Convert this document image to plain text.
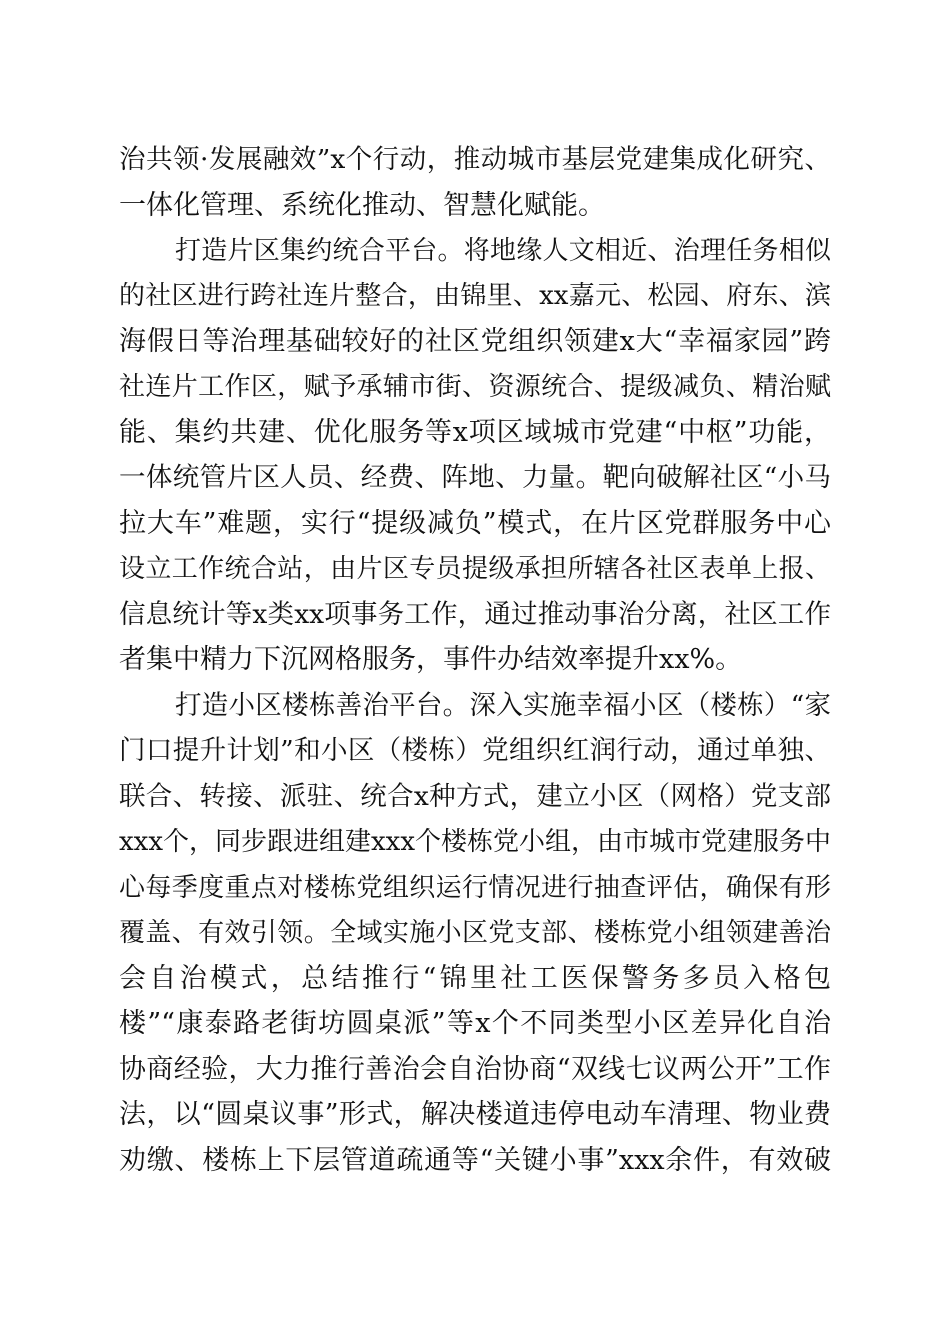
治共领·发展融效”x个行动，推动城市基层党建集成化研究、
一体化管理、系统化推动、智慧化赋能。
打造片区集约统合平台。将地缘人文相近、治理任务相似
的社区进行跨社连片整合，由锦里、xx嘉元、松园、府东、滨
海假日等治理基础较好的社区党组织领建x大“幸福家园”跨
社连片工作区，赋予承辅市街、资源统合、提级减负、精治赋
能、集约共建、优化服务等x项区域城市党建“中枢”功能，
一体统管片区人员、经费、阵地、力量。靶向破解社区“小马
拉大车”难题，实行“提级减负”模式，在片区党群服务中心
设立工作统合站，由片区专员提级承担所辖各社区表单上报、
信息统计等x类xx项事务工作，通过推动事治分离，社区工作
者集中精力下沉网格服务，事件办结效率提升xx%。
打造小区楼栋善治平台。深入实施幸福小区（楼栋）“家
门口提升计划”和小区（楼栋）党组织红润行动，通过单独、
联合、转接、派驻、统合x种方式，建立小区（网格）党支部
xxx个，同步跟进组建xxx个楼栋党小组，由市城市党建服务中
心每季度重点对楼栋党组织运行情况进行抽查评估，确保有形
覆盖、有效引领。全域实施小区党支部、楼栋党小组领建善治
会自治模式，总结推行“锦里社工医保警务多员入格包
楼”“康泰路老街坊圆桌派”等x个不同类型小区差异化自治
协商经验，大力推行善治会自治协商“双线七议两公开”工作
法，以“圆桌议事”形式，解决楼道违停电动车清理、物业费
劝缴、楼栋上下层管道疏通等“关键小事”xxx余件，有效破
